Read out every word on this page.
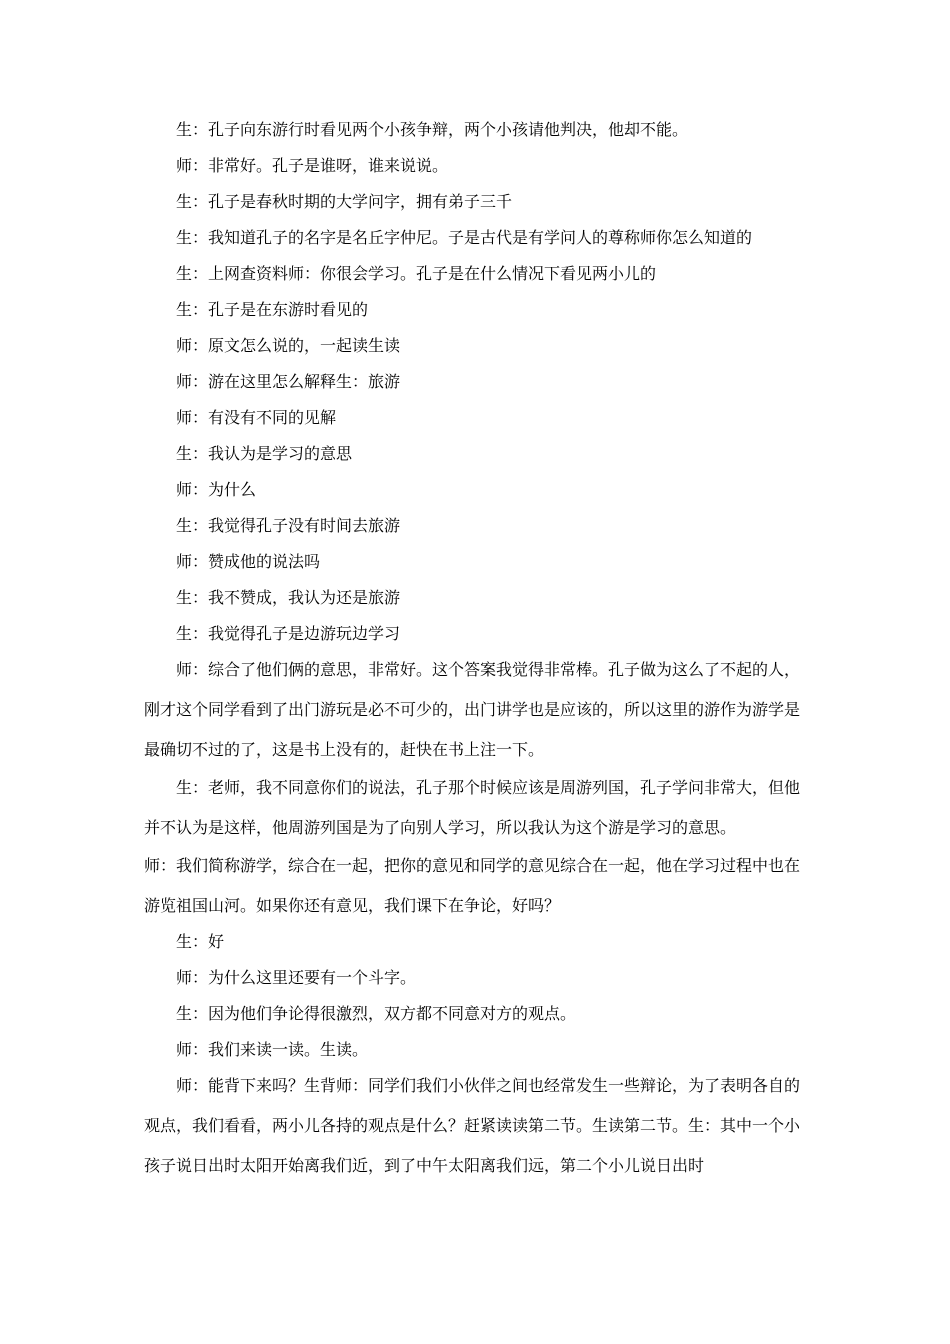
生：孔子向东游行时看见两个小孩争辩，两个小孩请他判决，他却不能。

师：非常好。孔子是谁呀，谁来说说。

生：孔子是春秋时期的大学问字，拥有弟子三千

生：我知道孔子的名字是名丘字仲尼。子是古代是有学问人的尊称师你怎么知道的

生：上网查资料师：你很会学习。孔子是在什么情况下看见两小儿的

生：孔子是在东游时看见的

师：原文怎么说的，一起读生读

师：游在这里怎么解释生：旅游

师：有没有不同的见解

生：我认为是学习的意思

师：为什么

生：我觉得孔子没有时间去旅游

师：赞成他的说法吗

生：我不赞成，我认为还是旅游

生：我觉得孔子是边游玩边学习

师：综合了他们俩的意思，非常好。这个答案我觉得非常棒。孔子做为这么了不起的人，刚才这个同学看到了出门游玩是必不可少的，出门讲学也是应该的，所以这里的游作为游学是最确切不过的了，这是书上没有的，赶快在书上注一下。

生：老师，我不同意你们的说法，孔子那个时候应该是周游列国，孔子学问非常大，但他并不认为是这样，他周游列国是为了向别人学习，所以我认为这个游是学习的意思。

师：我们简称游学，综合在一起，把你的意见和同学的意见综合在一起，他在学习过程中也在游览祖国山河。如果你还有意见，我们课下在争论，好吗？

生：好

师：为什么这里还要有一个斗字。

生：因为他们争论得很激烈，双方都不同意对方的观点。

师：我们来读一读。生读。

师：能背下来吗？生背师：同学们我们小伙伴之间也经常发生一些辩论，为了表明各自的观点，我们看看，两小儿各持的观点是什么？赶紧读读第二节。生读第二节。生：其中一个小孩子说日出时太阳开始离我们近，到了中午太阳离我们远，第二个小儿说日出时
